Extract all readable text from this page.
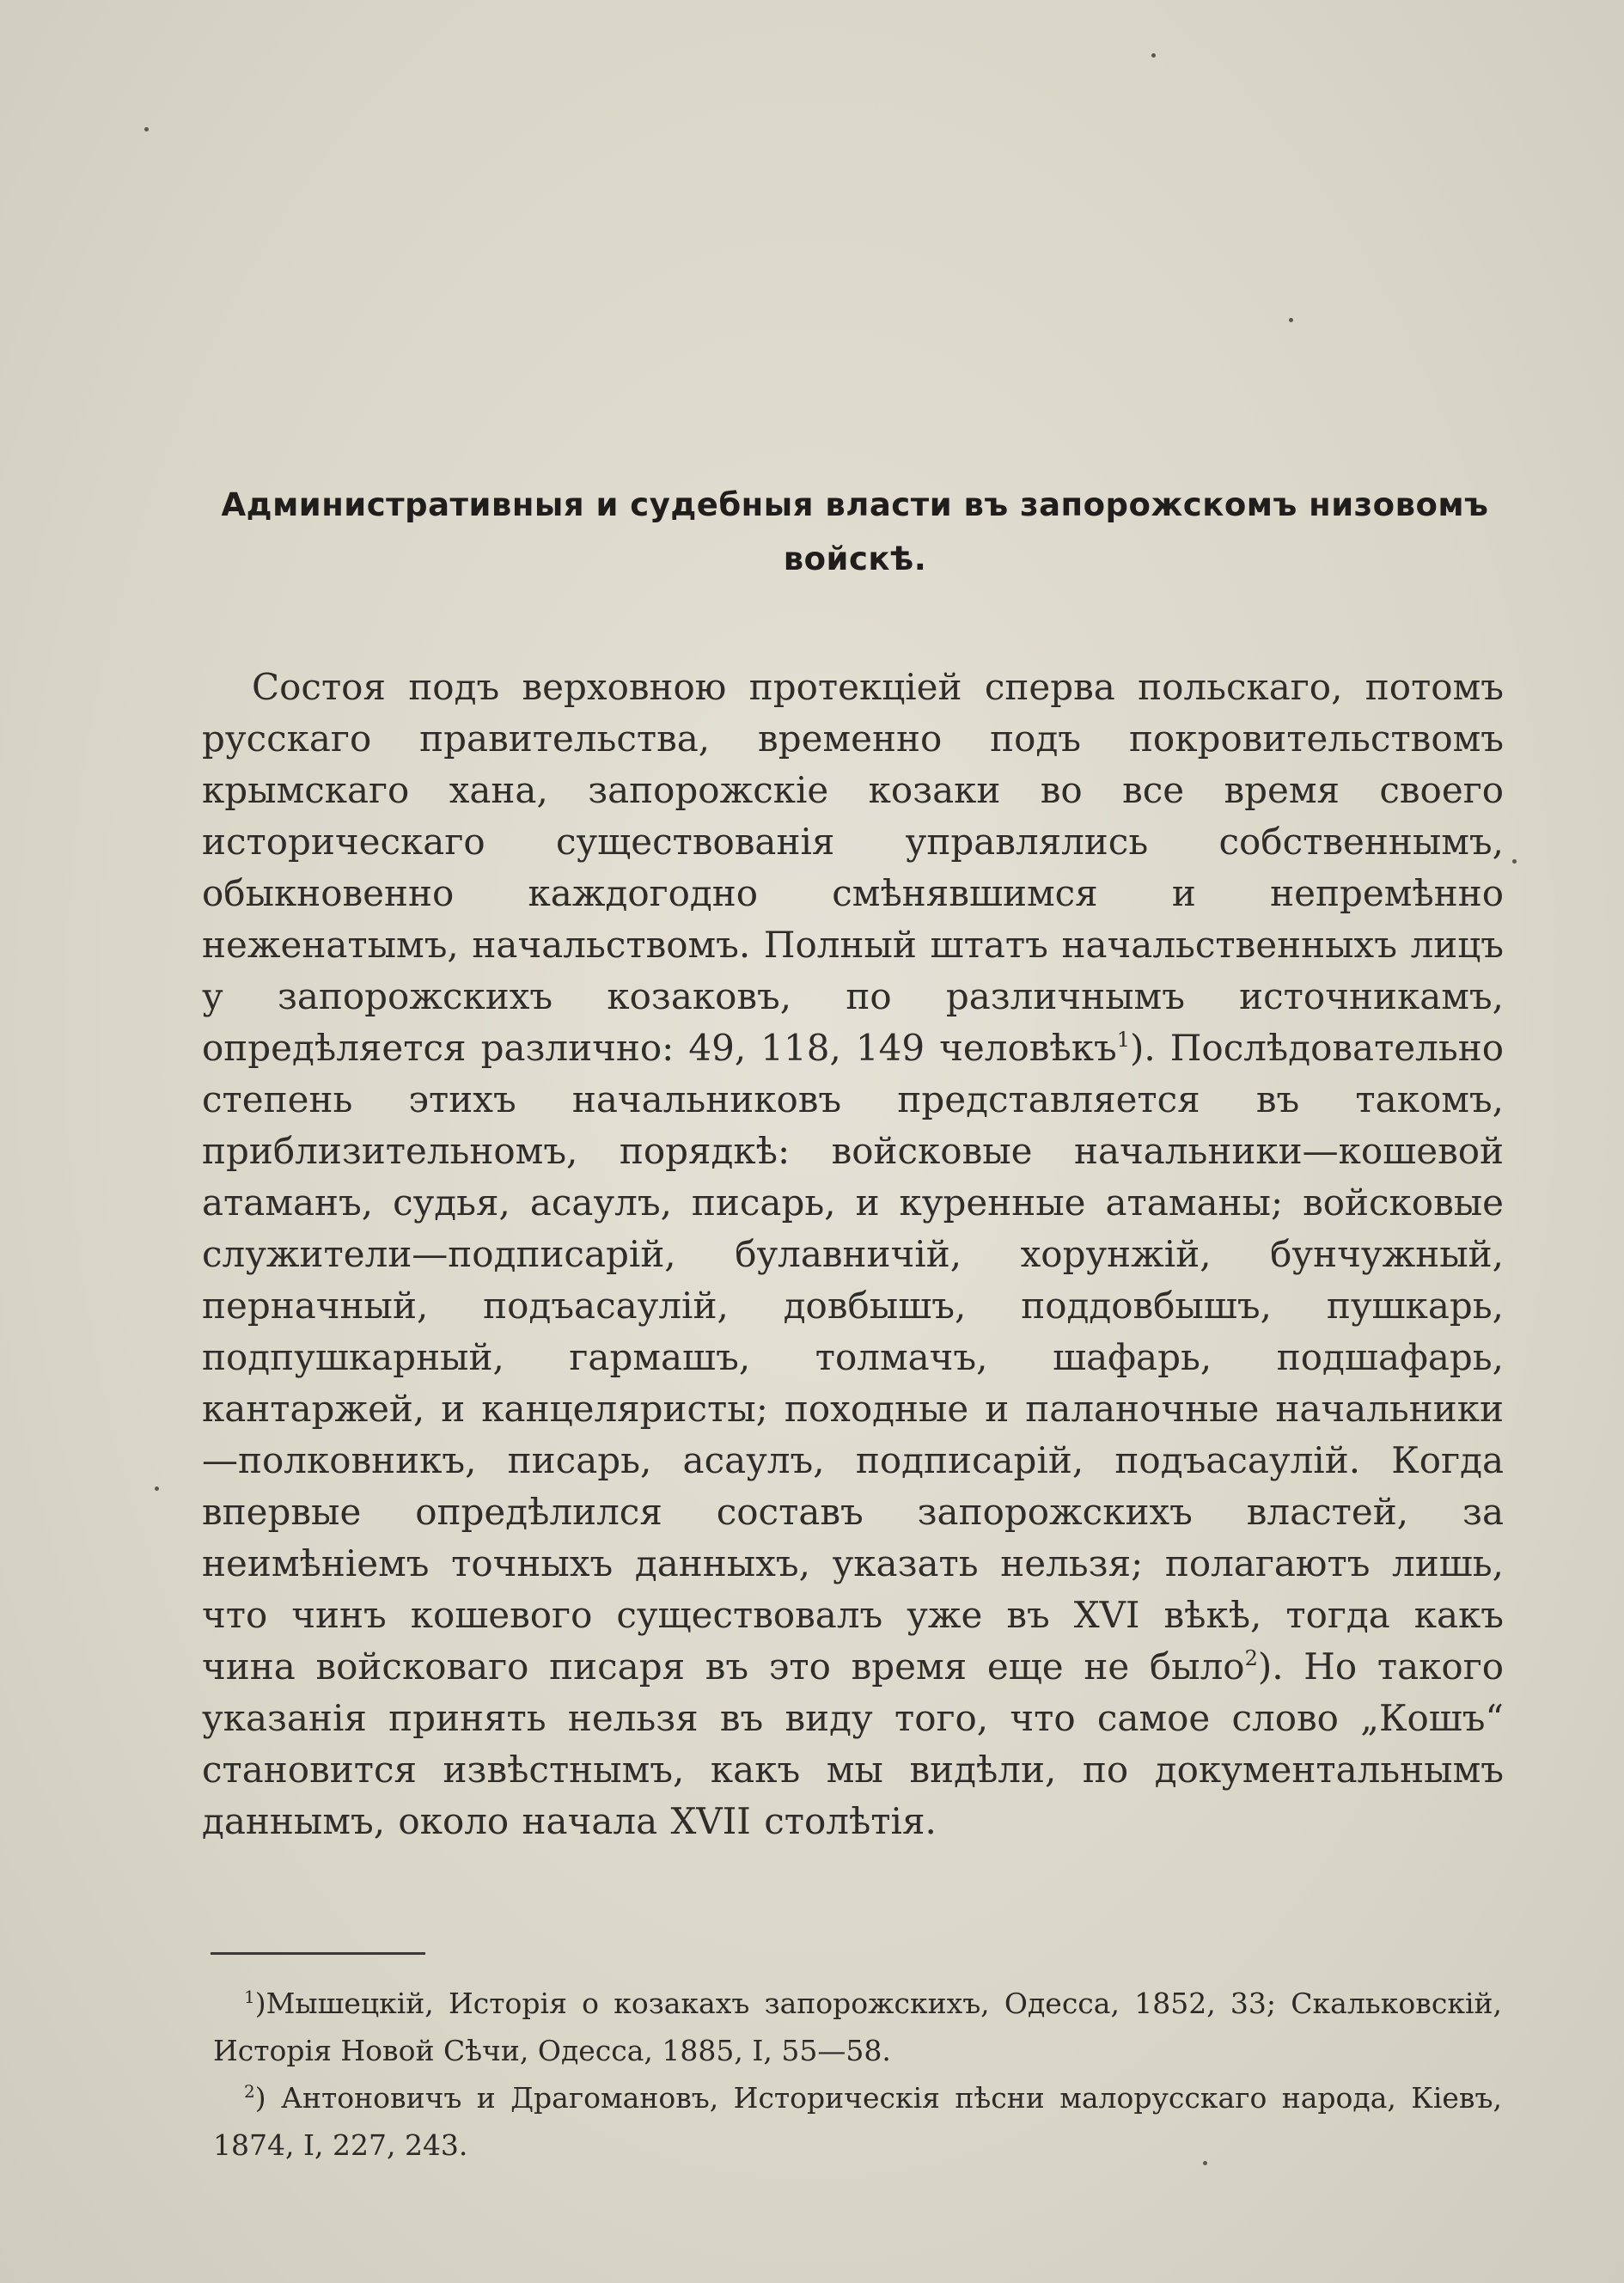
Административныя и судебныя власти въ запорожскомъ низовомъ войскѣ.

Состоя подъ верховною протекціей сперва польскаго, потомъ русскаго правительства, временно подъ покровительствомъ крымскаго хана, запорожскіе козаки во все время своего историческаго существованія управлялись собственнымъ, обыкновенно каждогодно смѣнявшимся и непремѣнно неженатымъ, начальствомъ. Полный штатъ начальственныхъ лицъ у запорожскихъ козаковъ, по различнымъ источникамъ, опредѣляется различно: 49, 118, 149 человѣкъ$^1$). Послѣдовательно степень этихъ начальниковъ представляется въ такомъ, приблизительномъ, порядкѣ: войсковые начальники—кошевой атаманъ, судья, асаулъ, писарь, и куренные атаманы; войсковые служители—подписарій, булавничій, хорунжій, бунчужный, перначный, подъасаулій, довбышъ, поддовбышъ, пушкарь, подпушкарный, гармашъ, толмачъ, шафарь, подшафарь, кантаржей, и канцеляристы; походные и паланочные начальники—полковникъ, писарь, асаулъ, подписарій, подъасаулій. Когда впервые опредѣлился составъ запорожскихъ властей, за неимѣніемъ точныхъ данныхъ, указать нельзя; полагаютъ лишь, что чинъ кошевого существовалъ уже въ XVI вѣкѣ, тогда какъ чина войсковаго писаря въ это время еще не было$^2$). Но такого указанія принять нельзя въ виду того, что самое слово „Кошъ“ становится извѣстнымъ, какъ мы видѣли, по документальнымъ даннымъ, около начала XVII столѣтія.

$^1$)Мышецкій, Исторія о козакахъ запорожскихъ, Одесса, 1852, 33; Скальковскій, Исторія Новой Сѣчи, Одесса, 1885, I, 55—58.

$^2$) Антоновичъ и Драгомановъ, Историческія пѣсни малорусскаго народа, Кіевъ, 1874, I, 227, 243.
